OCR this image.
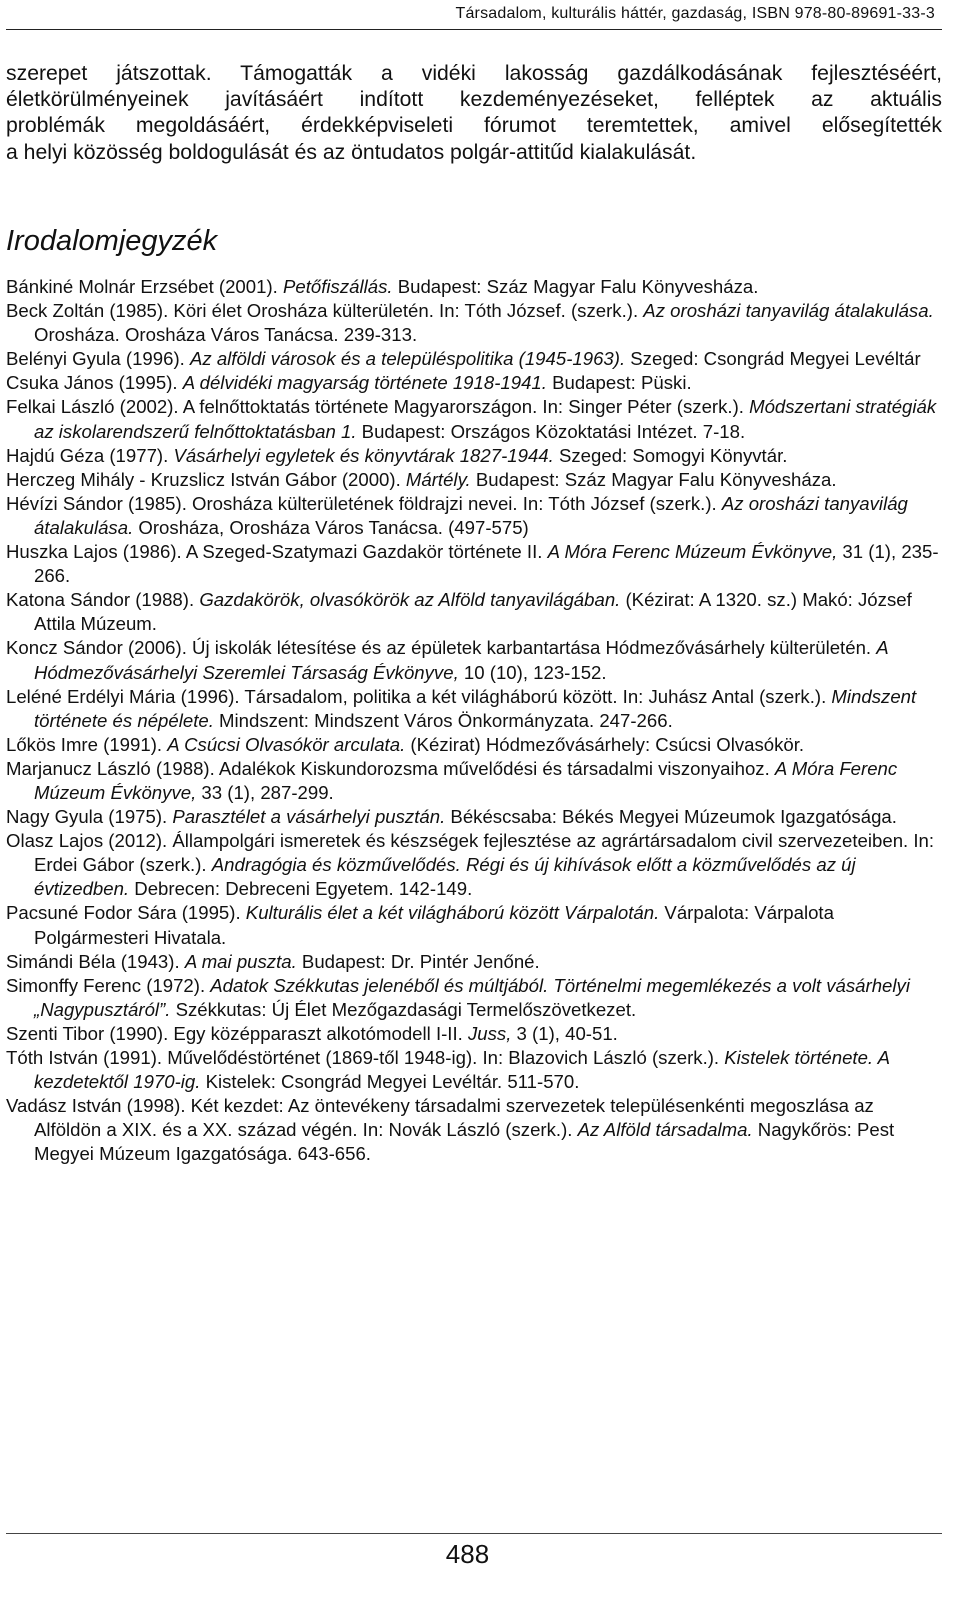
Társadalom, kulturális háttér, gazdaság, ISBN 978-80-89691-33-3
szerepet játszottak. Támogatták a vidéki lakosság gazdálkodásának fejlesztéséért,
életkörülményeinek javításáért indított kezdeményezéseket, felléptek az aktuális
problémák megoldásáért, érdekképviseleti fórumot teremtettek, amivel elősegítették
a helyi közösség boldogulását és az öntudatos polgár-attitűd kialakulását.
Irodalomjegyzék
Bánkiné Molnár Erzsébet (2001). Petőfiszállás. Budapest: Száz Magyar Falu Könyvesháza.
Beck Zoltán (1985). Köri élet Orosháza külterületén. In: Tóth József. (szerk.). Az orosházi tanyavilág átalakulása. Orosháza. Orosháza Város Tanácsa. 239-313.
Belényi Gyula (1996). Az alföldi városok és a településpolitika (1945-1963). Szeged: Csongrád Megyei Levéltár
Csuka János (1995). A délvidéki magyarság története 1918-1941. Budapest: Püski.
Felkai László (2002). A felnőttoktatás története Magyarországon. In: Singer Péter (szerk.). Módszertani stratégiák az iskolarendszerű felnőttoktatásban 1. Budapest: Országos Közoktatási Intézet. 7-18.
Hajdú Géza (1977). Vásárhelyi egyletek és könyvtárak 1827-1944. Szeged: Somogyi Könyvtár.
Herczeg Mihály - Kruzslicz István Gábor (2000). Mártély. Budapest: Száz Magyar Falu Könyvesháza.
Hévízi Sándor (1985). Orosháza külterületének földrajzi nevei. In: Tóth József (szerk.). Az orosházi tanyavilág átalakulása. Orosháza, Orosháza Város Tanácsa. (497-575)
Huszka Lajos (1986). A Szeged-Szatymazi Gazdakör története II. A Móra Ferenc Múzeum Évkönyve, 31 (1), 235-266.
Katona Sándor (1988). Gazdakörök, olvasókörök az Alföld tanyavilágában. (Kézirat: A 1320. sz.) Makó: József Attila Múzeum.
Koncz Sándor (2006). Új iskolák létesítése és az épületek karbantartása Hódmezővásárhely külterületén. A Hódmezővásárhelyi Szeremlei Társaság Évkönyve, 10 (10), 123-152.
Leléné Erdélyi Mária (1996). Társadalom, politika a két világháború között. In: Juhász Antal (szerk.). Mindszent története és népélete. Mindszent: Mindszent Város Önkormányzata. 247-266.
Lőkös Imre (1991). A Csúcsi Olvasókör arculata. (Kézirat) Hódmezővásárhely: Csúcsi Olvasókör.
Marjanucz László (1988). Adalékok Kiskundorozsma művelődési és társadalmi viszonyaihoz. A Móra Ferenc Múzeum Évkönyve, 33 (1), 287-299.
Nagy Gyula (1975). Parasztélet a vásárhelyi pusztán. Békéscsaba: Békés Megyei Múzeumok Igazgatósága.
Olasz Lajos (2012). Állampolgári ismeretek és készségek fejlesztése az agrártársadalom civil szervezeteiben. In: Erdei Gábor (szerk.). Andragógia és közművelődés. Régi és új kihívások előtt a közművelődés az új évtizedben. Debrecen: Debreceni Egyetem. 142-149.
Pacsuné Fodor Sára (1995). Kulturális élet a két világháború között Várpalotán. Várpalota: Várpalota Polgármesteri Hivatala.
Simándi Béla (1943). A mai puszta. Budapest: Dr. Pintér Jenőné.
Simonffy Ferenc (1972). Adatok Székkutas jelenéből és múltjából. Történelmi megemlékezés a volt vásárhelyi „Nagypusztáról”. Székkutas: Új Élet Mezőgazdasági Termelőszövetkezet.
Szenti Tibor (1990). Egy középparaszt alkotómodell I-II. Juss, 3 (1), 40-51.
Tóth István (1991). Művelődéstörténet (1869-től 1948-ig). In: Blazovich László (szerk.). Kistelek története. A kezdetektől 1970-ig. Kistelek: Csongrád Megyei Levéltár. 511-570.
Vadász István (1998). Két kezdet: Az öntevékeny társadalmi szervezetek településenkénti megoszlása az Alföldön a XIX. és a XX. század végén. In: Novák László (szerk.). Az Alföld társadalma. Nagykőrös: Pest Megyei Múzeum Igazgatósága. 643-656.
488
